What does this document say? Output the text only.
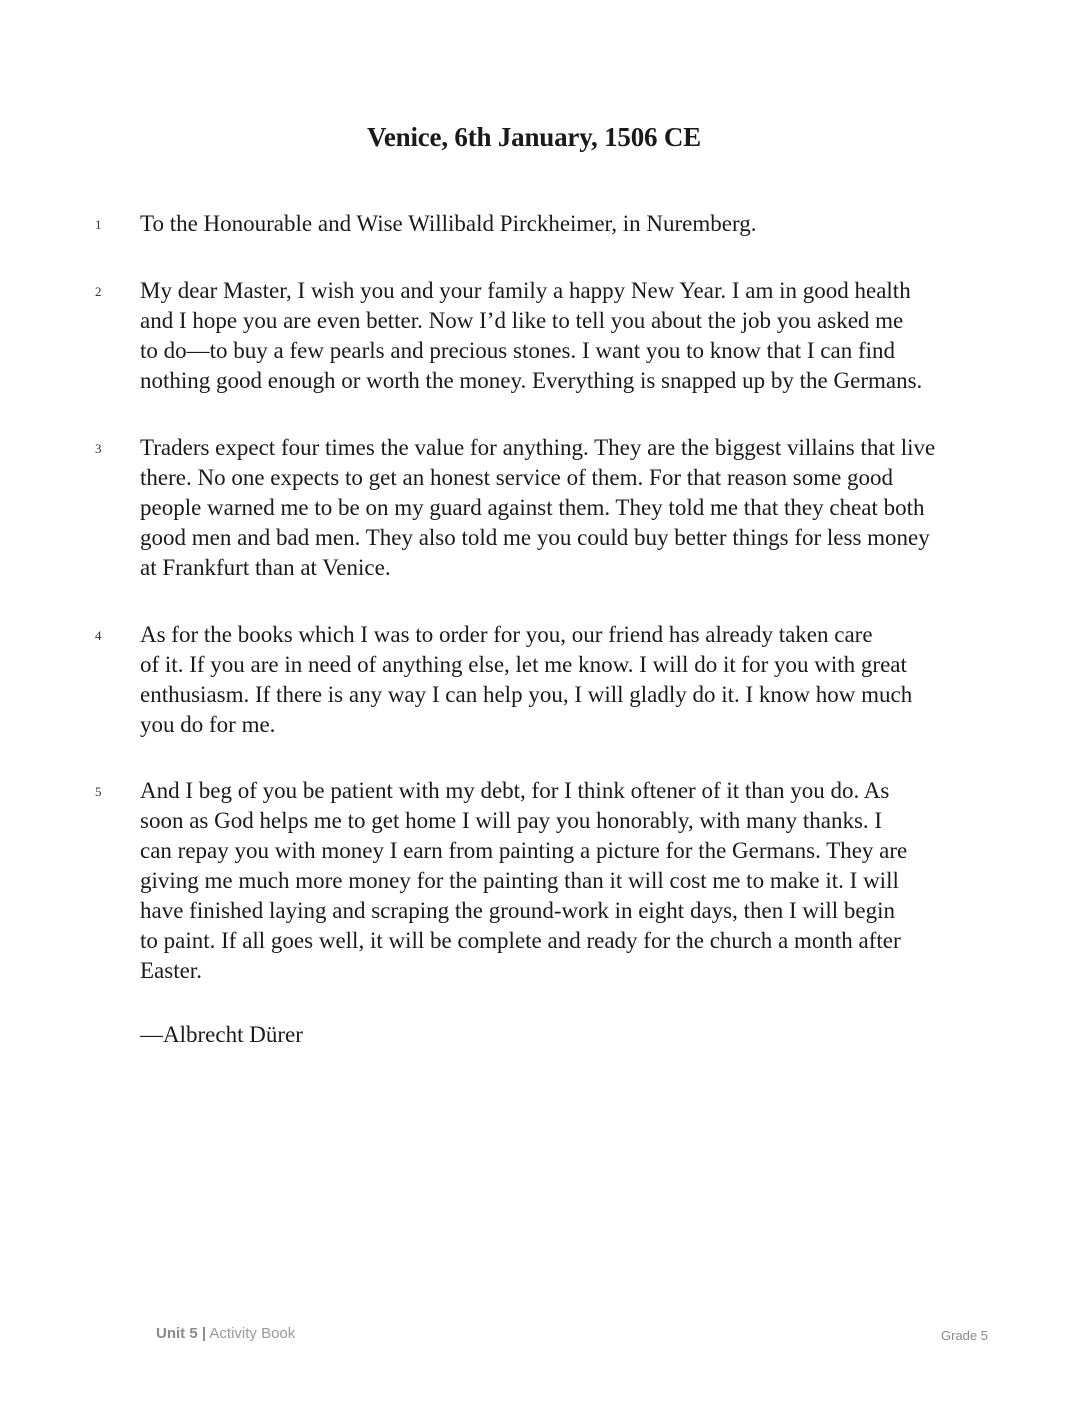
Venice, 6th January, 1506 CE
1 To the Honourable and Wise Willibald Pirckheimer, in Nuremberg.

2 My dear Master, I wish you and your family a happy New Year. I am in good health
and I hope you are even better. Now I’d like to tell you about the job you asked me
to do—to buy a few pearls and precious stones. I want you to know that I can find
nothing good enough or worth the money. Everything is snapped up by the Germans.

3 Traders expect four times the value for anything. They are the biggest villains that live
there. No one expects to get an honest service of them. For that reason some good
people warned me to be on my guard against them. They told me that they cheat both
good men and bad men. They also told me you could buy better things for less money
at Frankfurt than at Venice.

4 As for the books which I was to order for you, our friend has already taken care
of it. If you are in need of anything else, let me know. I will do it for you with great
enthusiasm. If there is any way I can help you, I will gladly do it. I know how much
you do for me.

5 And I beg of you be patient with my debt, for I think oftener of it than you do. As
soon as God helps me to get home I will pay you honorably, with many thanks. I
can repay you with money I earn from painting a picture for the Germans. They are
giving me much more money for the painting than it will cost me to make it. I will
have finished laying and scraping the ground-work in eight days, then I will begin
to paint. If all goes well, it will be complete and ready for the church a month after
Easter.

—Albrecht Dürer
Unit 5 | Activity Book	Grade 5
